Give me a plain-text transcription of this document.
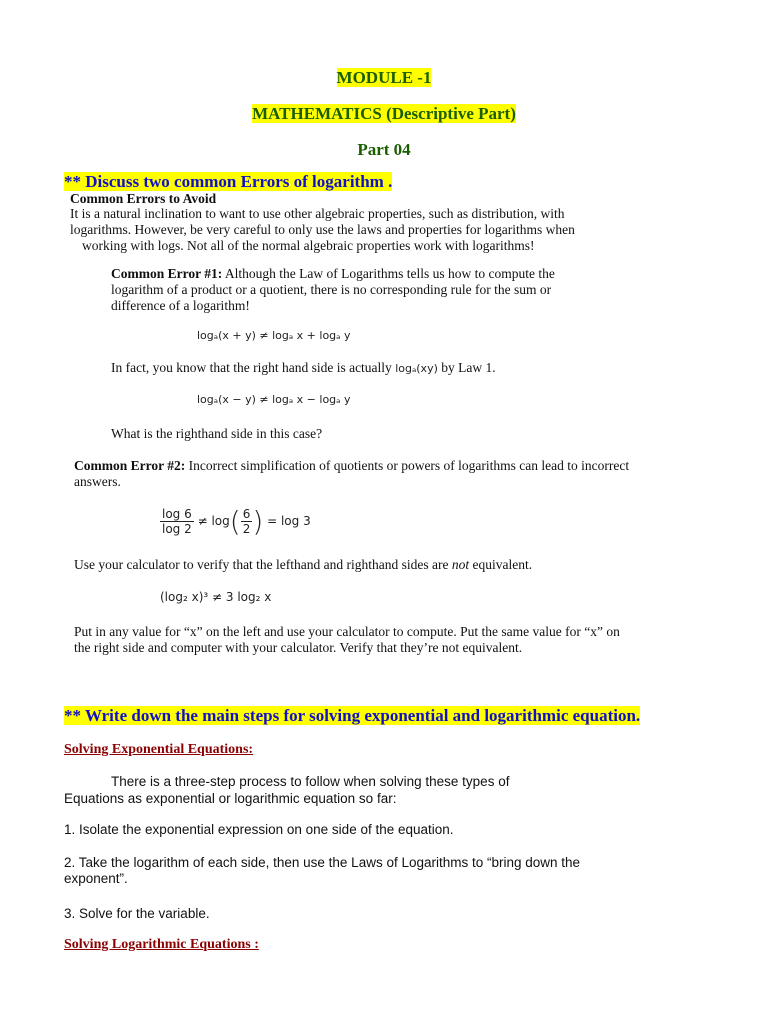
MODULE -1
MATHEMATICS (Descriptive Part)
Part 04
** Discuss two common Errors of logarithm .
Common Errors to Avoid
It is a natural inclination to want to use other algebraic properties, such as distribution, with
logarithms. However, be very careful to only use the laws and properties for logarithms when
working with logs. Not all of the normal algebraic properties work with logarithms!
Common Error #1: Although the Law of Logarithms tells us how to compute the logarithm of a product or a quotient, there is no corresponding rule for the sum or difference of a logarithm!
logₐ(x + y) ≠ logₐ x + logₐ y
In fact, you know that the right hand side is actually logₐ(xy) by Law 1.
logₐ(x − y) ≠ logₐ x − logₐ y
What is the righthand side in this case?
Common Error #2: Incorrect simplification of quotients or powers of logarithms can lead to incorrect answers.
$\frac{\log 6}{\log 2} \ne \log( \frac{6}{2}$ ) = log 3
Use your calculator to verify that the lefthand and righthand sides are not equivalent.
(log₂ x)³ ≠ 3 log₂ x
Put in any value for “x” on the left and use your calculator to compute. Put the same value for “x” on the right side and computer with your calculator. Verify that they’re not equivalent.
** Write down the main steps for solving exponential and logarithmic equation.
Solving Exponential Equations:
There is a three-step process to follow when solving these types of
Equations as exponential or logarithmic equation so far:
1. Isolate the exponential expression on one side of the equation.
2. Take the logarithm of each side, then use the Laws of Logarithms to “bring down the exponent”.
3. Solve for the variable.
Solving Logarithmic Equations :
